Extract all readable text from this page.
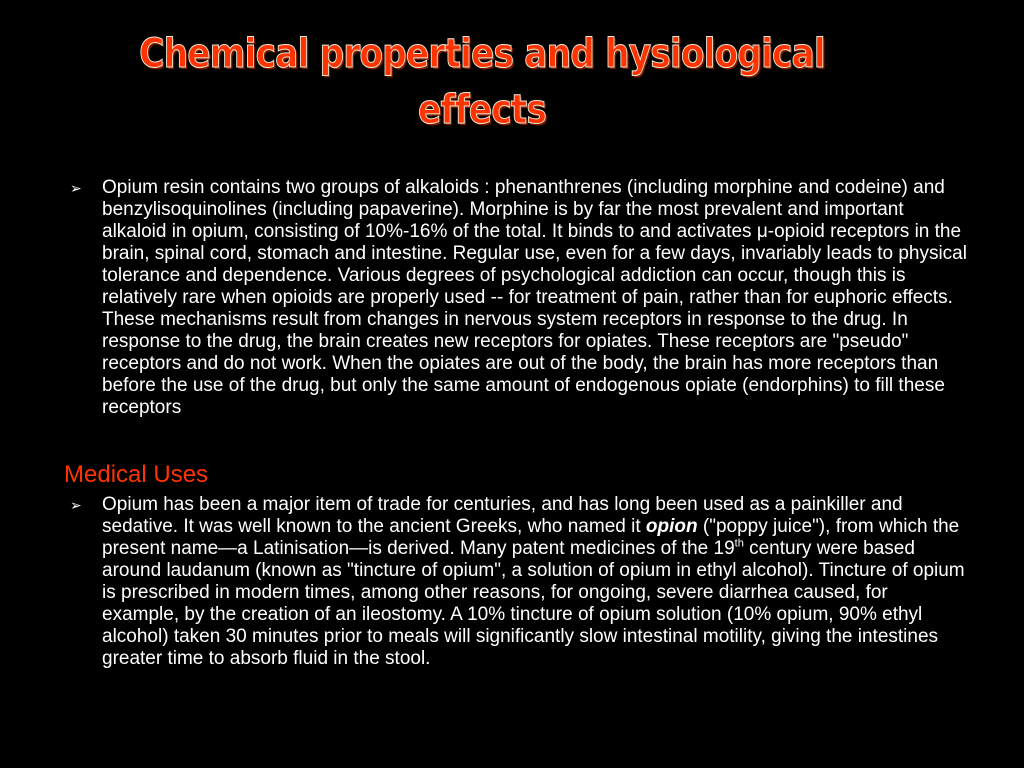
Chemical properties and hysiological
effects
➢ Opium resin contains two groups of alkaloids : phenanthrenes (including morphine and codeine) and benzylisoquinolines (including papaverine). Morphine is by far the most prevalent and important alkaloid in opium, consisting of 10%-16% of the total. It binds to and activates μ-opioid receptors in the brain, spinal cord, stomach and intestine. Regular use, even for a few days, invariably leads to physical tolerance and dependence. Various degrees of psychological addiction can occur, though this is relatively rare when opioids are properly used -- for treatment of pain, rather than for euphoric effects. These mechanisms result from changes in nervous system receptors in response to the drug. In response to the drug, the brain creates new receptors for opiates. These receptors are "pseudo" receptors and do not work. When the opiates are out of the body, the brain has more receptors than before the use of the drug, but only the same amount of endogenous opiate (endorphins) to fill these receptors
Medical Uses
➢ Opium has been a major item of trade for centuries, and has long been used as a painkiller and sedative. It was well known to the ancient Greeks, who named it opion ("poppy juice"), from which the present name—a Latinisation—is derived. Many patent medicines of the 19th century were based around laudanum (known as "tincture of opium", a solution of opium in ethyl alcohol). Tincture of opium is prescribed in modern times, among other reasons, for ongoing, severe diarrhea caused, for example, by the creation of an ileostomy. A 10% tincture of opium solution (10% opium, 90% ethyl alcohol) taken 30 minutes prior to meals will significantly slow intestinal motility, giving the intestines greater time to absorb fluid in the stool.
